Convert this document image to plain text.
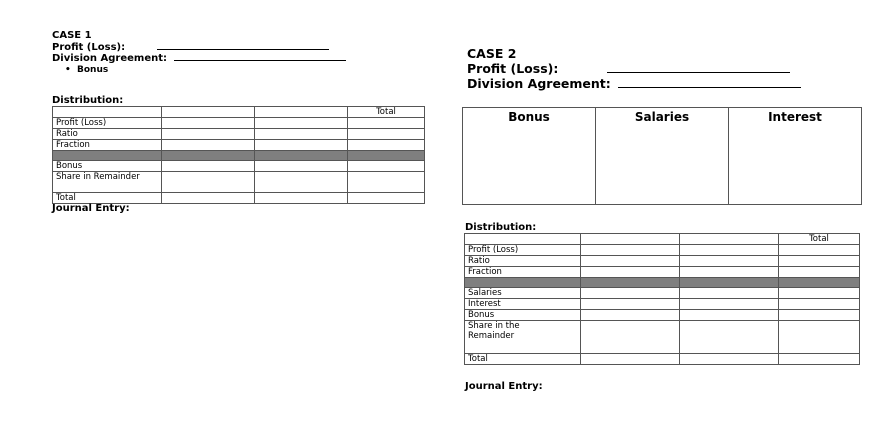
CASE 1
Profit (Loss):
Division Agreement:
• Bonus
Distribution:
			Total
Profit (Loss)			
Ratio			
Fraction			

Bonus			
Share in Remainder			
Total			
Journal Entry:
CASE 2
Profit (Loss):
Division Agreement:
Bonus	Salaries	Interest
Distribution:
			Total
Profit (Loss)			
Ratio			
Fraction			

Salaries			
Interest			
Bonus			
Share in the Remainder			
Total			
Journal Entry:
